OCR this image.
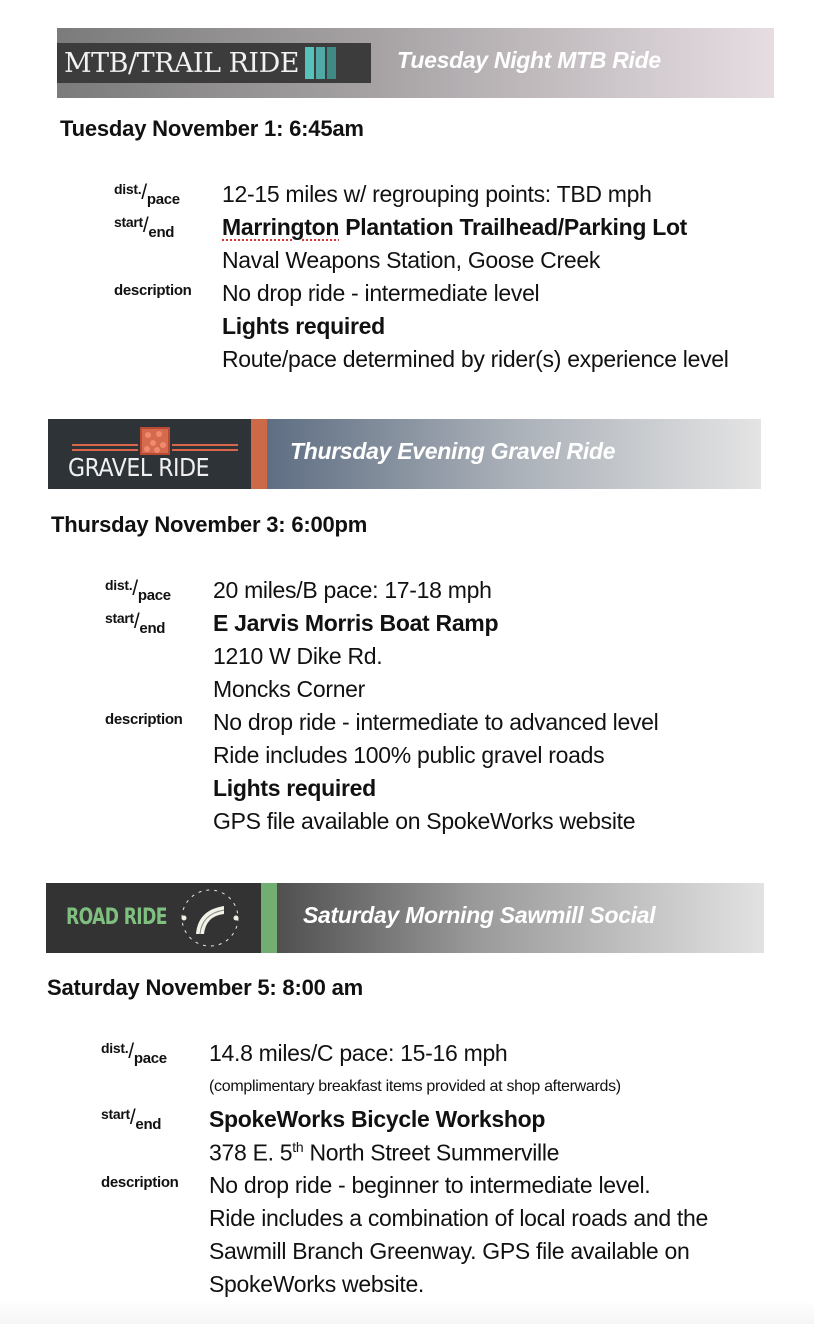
MTB/TRAIL RIDE	Tuesday Night MTB Ride
Tuesday November 1: 6:45am
$dist./_{pace}$ 12-15 miles w/ regrouping points: TBD mph
start/$_{end}$ Marrington Plantation Trailhead/Parking Lot
Naval Weapons Station, Goose Creek
description No drop ride - intermediate level
Lights required
Route/pace determined by rider(s) experience level
GRAVEL RIDE
Thursday Evening Gravel Ride
Thursday November 3: 6:00pm
$dist./_{pace}$ 20 miles/B pace: 17-18 mph
start/$_{end}$ E Jarvis Morris Boat Ramp
1210 W Dike Rd.
Moncks Corner
description No drop ride - intermediate to advanced level
Ride includes 100% public gravel roads
Lights required
GPS file available on SpokeWorks website
ROAD RIDE	Saturday Morning Sawmill Social
Saturday November 5: 8:00 am
$dist./_{pace}$ 14.8 miles/C pace: 15-16 mph
(complimentary breakfast items provided at shop afterwards)
start/$_{end}$ SpokeWorks Bicycle Workshop
378 E. 5th North Street Summerville
description No drop ride - beginner to intermediate level.
Ride includes a combination of local roads and the
Sawmill Branch Greenway. GPS file available on
SpokeWorks website.
